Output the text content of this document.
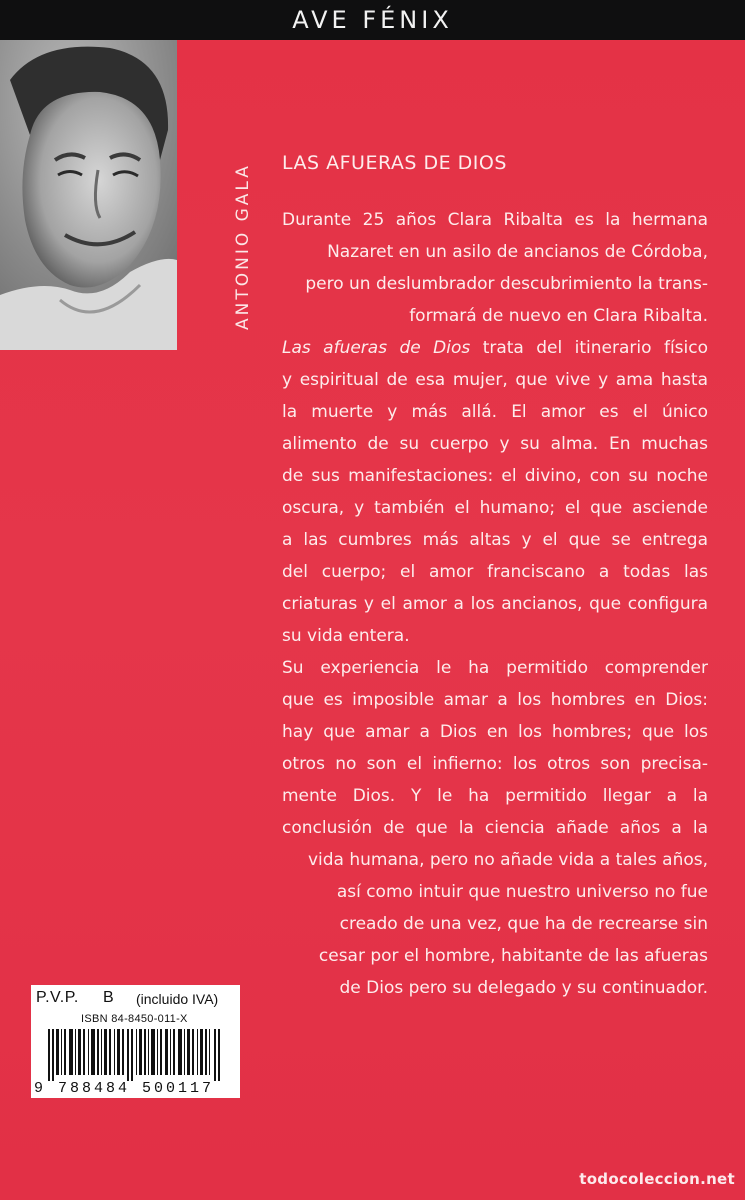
AVE FÉNIX
ANTONIO GALA
LAS AFUERAS DE DIOS
Durante 25 años Clara Ribalta es la hermana
Nazaret en un asilo de ancianos de Córdoba,
pero un deslumbrador descubrimiento la trans-
formará de nuevo en Clara Ribalta.
Las afueras de Dios trata del itinerario físico
y espiritual de esa mujer, que vive y ama hasta
la muerte y más allá. El amor es el único
alimento de su cuerpo y su alma. En muchas
de sus manifestaciones: el divino, con su noche
oscura, y también el humano; el que asciende
a las cumbres más altas y el que se entrega
del cuerpo; el amor franciscano a todas las
criaturas y el amor a los ancianos, que configura
su vida entera.
Su experiencia le ha permitido comprender
que es imposible amar a los hombres en Dios:
hay que amar a Dios en los hombres; que los
otros no son el infierno: los otros son precisa-
mente Dios. Y le ha permitido llegar a la
conclusión de que la ciencia añade años a la
vida humana, pero no añade vida a tales años,
así como intuir que nuestro universo no fue
creado de una vez, que ha de recrearse sin
cesar por el hombre, habitante de las afueras
de Dios pero su delegado y su continuador.
P.V.P. B (incluido IVA)
ISBN 84-8450-011-X
9 788484 500117
todocoleccion.net
